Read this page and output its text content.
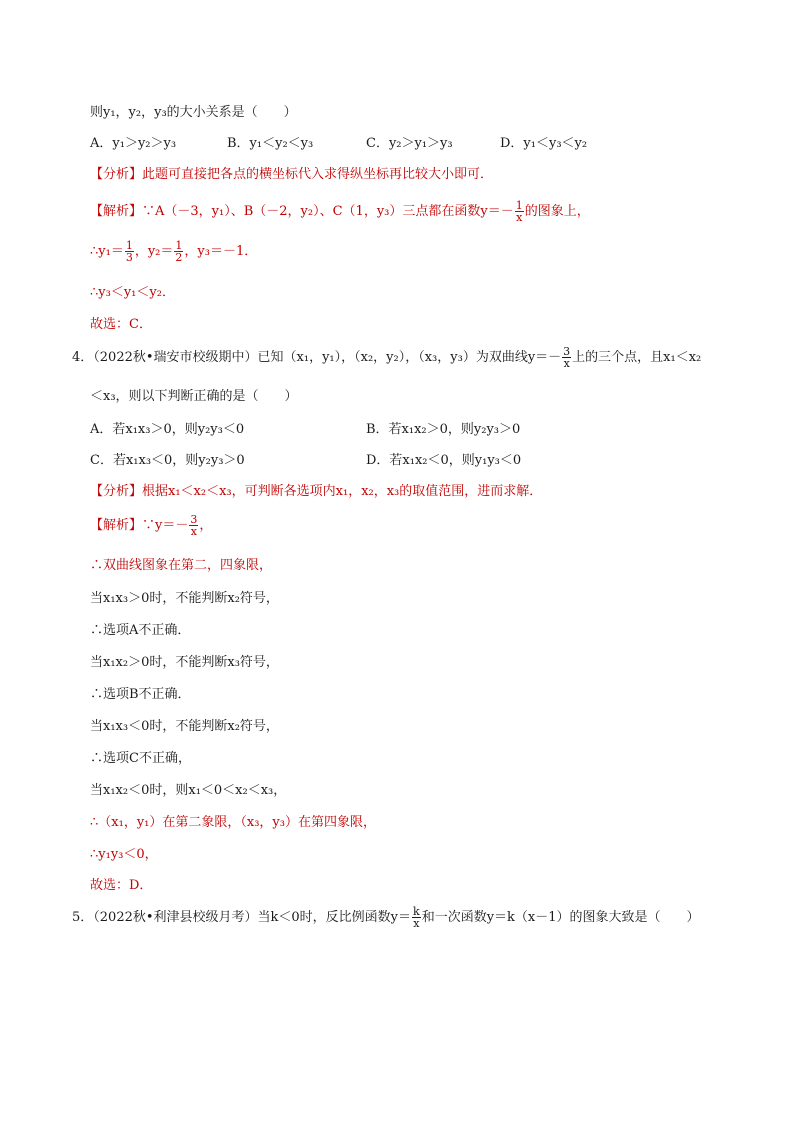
则y₁，y₂，y₃的大小关系是（　　）
A．y₁＞y₂＞y₃	B．y₁＜y₂＜y₃	C．y₂＞y₁＞y₃	D．y₁＜y₃＜y₂
【分析】此题可直接把各点的横坐标代入求得纵坐标再比较大小即可．
【解析】∵A（－3，y₁）、B（－2，y₂）、C（1，y₃）三点都在函数$y=- \frac{1}{x}$ 的图象上，
∴y₁＝ $\frac{1}{3}$ ，$y_2= \frac{1}{2}$ ，y₃＝－1．
∴y₃＜y₁＜y₂．
故选：C．
4．（2022秋•瑞安市校级期中）已知（x₁，y₁），（x₂，y₂），（x₃，y₃）为双曲线$y=- \frac{3}{x}$ 上的三个点，且x₁＜x₂
＜x₃，则以下判断正确的是（　　）
A．若x₁x₃＞0，则y₂y₃＜0	B．若x₁x₂＞0，则y₂y₃＞0
C．若x₁x₃＜0，则y₂y₃＞0	D．若x₁x₂＜0，则y₁y₃＜0
【分析】根据x₁＜x₂＜x₃，可判断各选项内x₁，x₂，x₃的取值范围，进而求解．
【解析】∵y＝－ $\frac{3}{x}$ ，
∴双曲线图象在第二，四象限，
当x₁x₃＞0时，不能判断x₂符号，
∴选项A不正确．
当x₁x₂＞0时，不能判断x₃符号，
∴选项B不正确．
当x₁x₃＜0时，不能判断x₂符号，
∴选项C不正确，
当x₁x₂＜0时，则x₁＜0＜x₂＜x₃，
∴（x₁，y₁）在第二象限，（x₃，y₃）在第四象限，
∴y₁y₃＜0，
故选：D．
5．（2022秋•利津县校级月考）当k＜0时，反比例函数$y= \frac{k}{x}$ 和一次函数y＝k（x－1）的图象大致是（　　）
